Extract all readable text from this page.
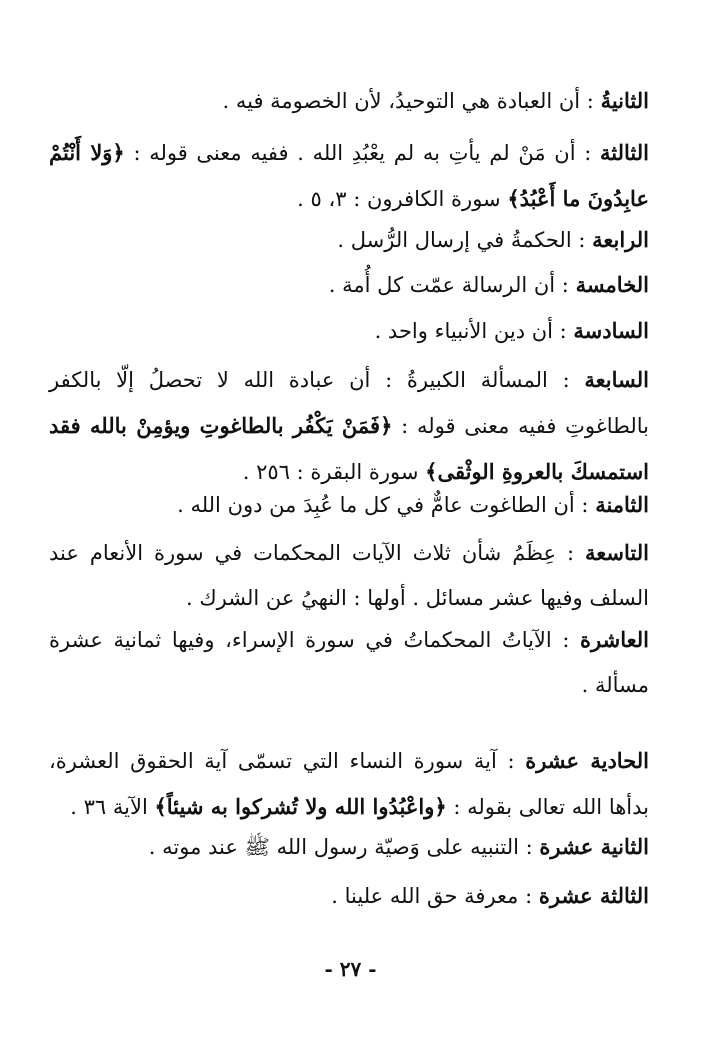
الثانيةُ : أن العبادة هي التوحيدُ، لأن الخصومة فيه .

الثالثة : أن مَنْ لم يأتِ به لم يعْبُدِ الله . ففيه معنى قوله : ﴿وَلا أَنْتُمْ عابِدُونَ ما أَعْبُدُ﴾ سورة الكافرون : ٣، ٥ .

الرابعة : الحكمةُ في إرسال الرُّسل .

الخامسة : أن الرسالة عمّت كل أُمة .

السادسة : أن دين الأنبياء واحد .

السابعة : المسألة الكبيرةُ : أن عبادة الله لا تحصلُ إلّا بالكفر بالطاغوتِ ففيه معنى قوله : ﴿فَمَنْ يَكْفُر بالطاغوتِ ويؤمِنْ بالله فقد استمسكَ بالعروةِ الوثْقى﴾ سورة البقرة : ٢٥٦ .

الثامنة : أن الطاغوت عامٌّ في كل ما عُبِدَ من دون الله .

التاسعة : عِظَمُ شأن ثلاث الآيات المحكمات في سورة الأنعام عند السلف وفيها عشر مسائل . أولها : النهيُ عن الشرك .

العاشرة : الآياتُ المحكماتُ في سورة الإسراء، وفيها ثمانية عشرة مسألة .

الحادية عشرة : آية سورة النساء التي تسمّى آية الحقوق العشرة، بدأها الله تعالى بقوله : ﴿واعْبُدُوا الله ولا تُشركوا به شيئاً﴾ الآية ٣٦ .

الثانية عشرة : التنبيه على وَصيّة رسول الله ﷺ عند موته .

الثالثة عشرة : معرفة حق الله علينا .

- ٢٧ -
